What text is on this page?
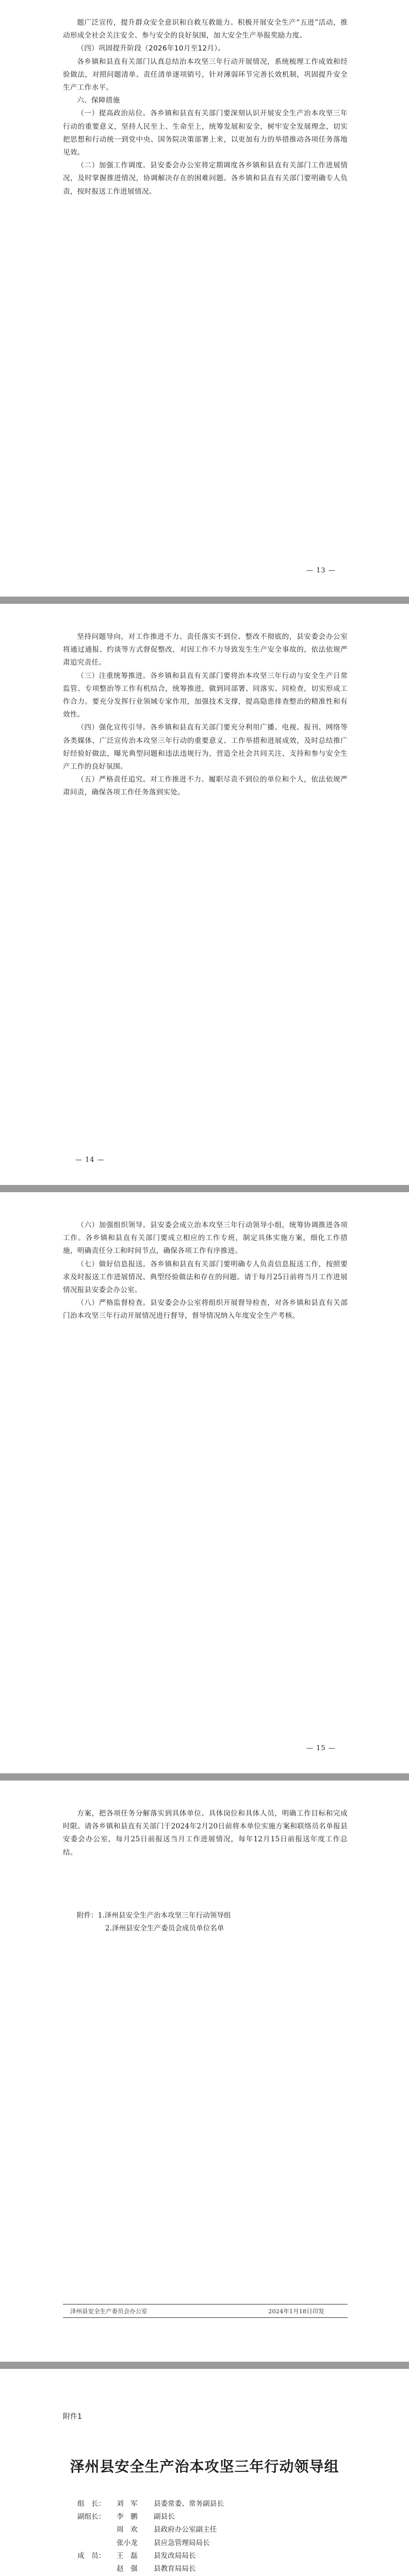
题广泛宣传，提升群众安全意识和自救互救能力。积极开展安全生产“五进”活动，推动形成全社会关注安全、参与安全的良好氛围，加大安全生产举报奖励力度。

（四）巩固提升阶段（2026年10月至12月）。

各乡镇和县直有关部门认真总结治本攻坚三年行动开展情况，系统梳理工作成效和经验做法，对照问题清单、责任清单逐项销号，针对薄弱环节完善长效机制，巩固提升安全生产工作水平。

六、保障措施

（一）提高政治站位。各乡镇和县直有关部门要深刻认识开展安全生产治本攻坚三年行动的重要意义，坚持人民至上、生命至上，统筹发展和安全，树牢安全发展理念，切实把思想和行动统一到党中央、国务院决策部署上来，以更加有力的举措推动各项任务落地见效。

（二）加强工作调度。县安委会办公室将定期调度各乡镇和县直有关部门工作进展情况，及时掌握推进情况，协调解决存在的困难问题。各乡镇和县直有关部门要明确专人负责，按时报送工作进展情况。

— 13 —

坚持问题导向，对工作推进不力、责任落实不到位、整改不彻底的，县安委会办公室将通过通报、约谈等方式督促整改，对因工作不力导致发生生产安全事故的，依法依规严肃追究责任。

（三）注重统筹推进。各乡镇和县直有关部门要将治本攻坚三年行动与安全生产日常监管、专项整治等工作有机结合，统筹推进，做到同部署、同落实、同检查，切实形成工作合力。要充分发挥行业领域专家作用，加强技术支撑，提高隐患排查整治的精准性和有效性。

（四）强化宣传引导。各乡镇和县直有关部门要充分利用广播、电视、报刊、网络等各类媒体，广泛宣传治本攻坚三年行动的重要意义、工作举措和进展成效，及时总结推广好经验好做法，曝光典型问题和违法违规行为，营造全社会共同关注、支持和参与安全生产工作的良好氛围。

（五）严格责任追究。对工作推进不力、履职尽责不到位的单位和个人，依法依规严肃问责，确保各项工作任务落到实处。

— 14 —

（六）加强组织领导。县安委会成立治本攻坚三年行动领导小组，统筹协调推进各项工作。各乡镇和县直有关部门要成立相应的工作专班，制定具体实施方案，细化工作措施，明确责任分工和时间节点，确保各项工作有序推进。

（七）做好信息报送。各乡镇和县直有关部门要明确专人负责信息报送工作，按照要求及时报送工作进展情况、典型经验做法和存在的问题。请于每月25日前将当月工作进展情况报县安委会办公室。

（八）严格监督检查。县安委会办公室将组织开展督导检查，对各乡镇和县直有关部门治本攻坚三年行动开展情况进行督导，督导情况纳入年度安全生产考核。

— 15 —

方案，把各项任务分解落实到具体单位、具体岗位和具体人员，明确工作目标和完成时限。请各乡镇和县直有关部门于2024年2月20日前将本单位实施方案和联络员名单报县安委会办公室，每月25日前报送当月工作进展情况，每年12月15日前报送年度工作总结。

附件：1.泽州县安全生产治本攻坚三年行动领导组

2.泽州县安全生产委员会成员单位名单

泽州县安全生产委员会办公室	2024年1月18日印发
附件1
泽州县安全生产治本攻坚三年行动领导组
组　长：	刘　军	县委常委、常务副县长
副组长：	李　鹏	副县长
周　欢	县政府办公室副主任
张小龙	县应急管理局局长
成　员：	王　磊	县发改局局长
赵　强	县教育局局长
